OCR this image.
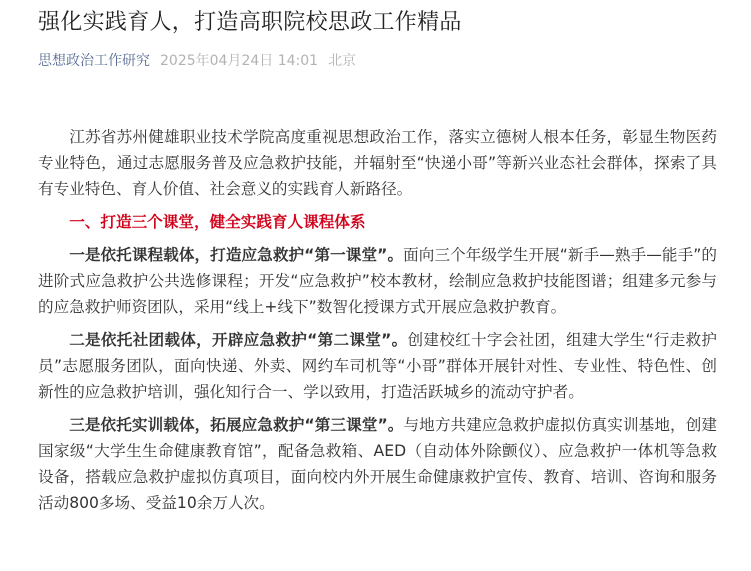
强化实践育人，打造高职院校思政工作精品
思想政治工作研究 2025年04月24日 14:01 北京

江苏省苏州健雄职业技术学院高度重视思想政治工作，落实立德树人根本任务，彰显生物医药专业特色，通过志愿服务普及应急救护技能，并辐射至“快递小哥”等新兴业态社会群体，探索了具有专业特色、育人价值、社会意义的实践育人新路径。

一、打造三个课堂，健全实践育人课程体系

一是依托课程载体，打造应急救护“第一课堂”。面向三个年级学生开展“新手—熟手—能手”的进阶式应急救护公共选修课程；开发“应急救护”校本教材，绘制应急救护技能图谱；组建多元参与的应急救护师资团队，采用“线上+线下”数智化授课方式开展应急救护教育。

二是依托社团载体，开辟应急救护“第二课堂”。创建校红十字会社团，组建大学生“行走救护员”志愿服务团队，面向快递、外卖、网约车司机等“小哥”群体开展针对性、专业性、特色性、创新性的应急救护培训，强化知行合一、学以致用，打造活跃城乡的流动守护者。

三是依托实训载体，拓展应急救护“第三课堂”。与地方共建应急救护虚拟仿真实训基地，创建国家级“大学生生命健康教育馆”，配备急救箱、AED（自动体外除颤仪）、应急救护一体机等急救设备，搭载应急救护虚拟仿真项目，面向校内外开展生命健康救护宣传、教育、培训、咨询和服务活动800多场、受益10余万人次。
